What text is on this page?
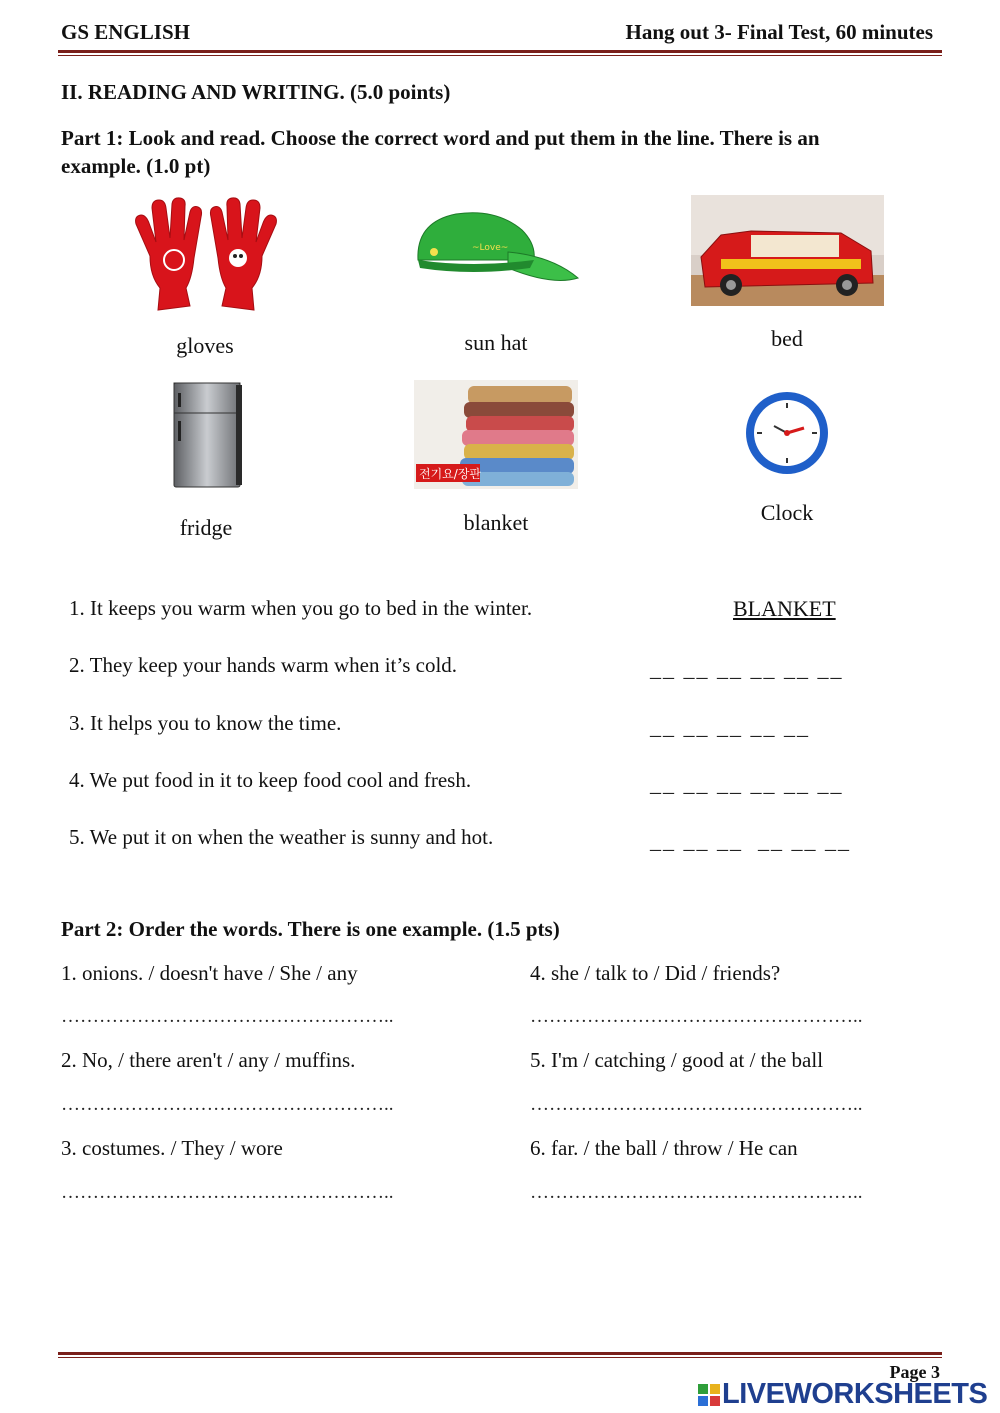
GS ENGLISH	Hang out 3- Final Test, 60 minutes
II. READING AND WRITING. (5.0 points)
Part 1: Look and read. Choose the correct word and put them in the line. There is an
example. (1.0 pt)
gloves
~Love~
sun hat	bed
fridge
전기요/장판
blanket	Clock
1. It keeps you warm when you go to bed in the winter.	BLANKET
2. They keep your hands warm when it’s cold.	__ __ __ __ __ __
3. It helps you to know the time.	__ __ __ __ __
4. We put food in it to keep food cool and fresh.	__ __ __ __ __ __
5. We put it on when the weather is sunny and hot.	__ __ __  __ __ __
Part 2: Order the words. There is one example. (1.5 pts)
1. onions. / doesn't have / She / any
……………………………………………..
2. No, / there aren't / any / muffins.
……………………………………………..
3. costumes. / They / wore
……………………………………………..
4. she / talk to / Did / friends?
……………………………………………..
5. I'm / catching / good at / the ball
……………………………………………..
6. far. / the ball / throw / He can
……………………………………………..
Page 3
LIVEWORKSHEETS
